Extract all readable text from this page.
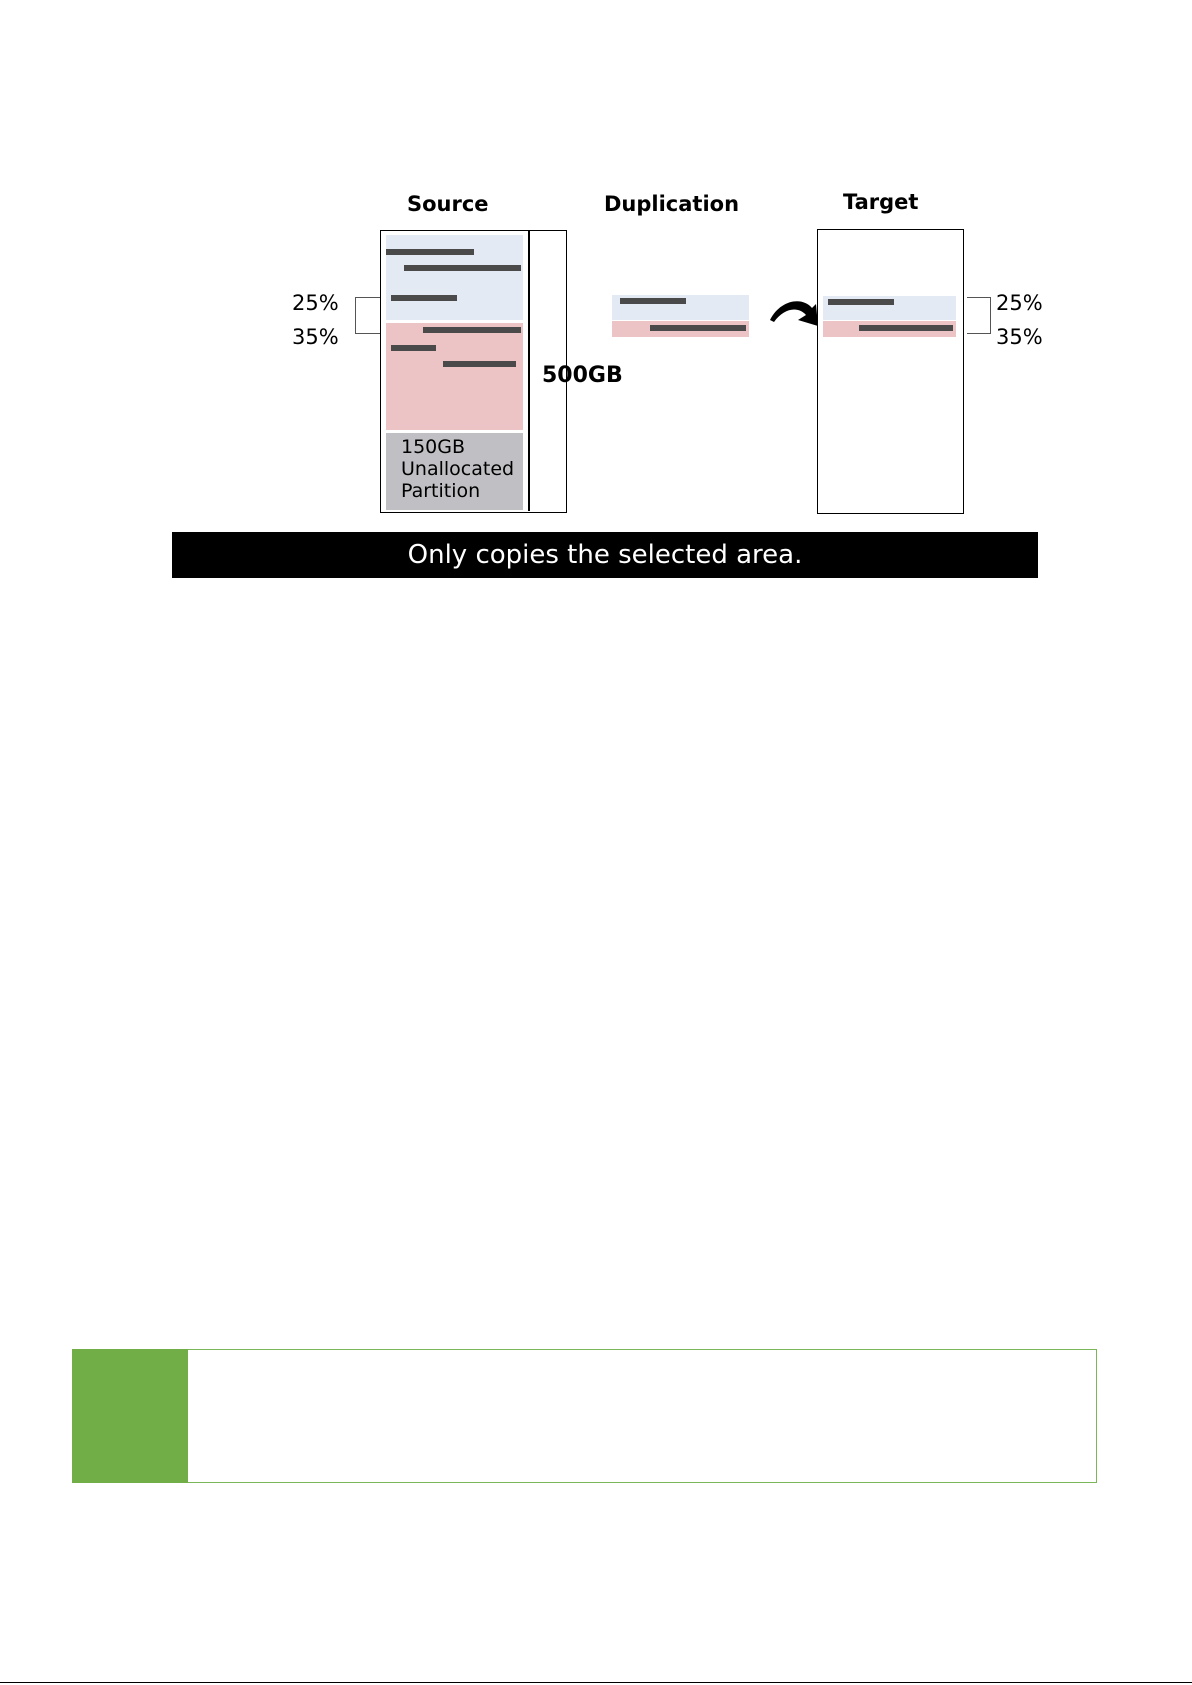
Source	Duplication	Target
25%
35%
150GB
Unallocated
Partition
500GB
25%
35%
Only copies the selected area.
